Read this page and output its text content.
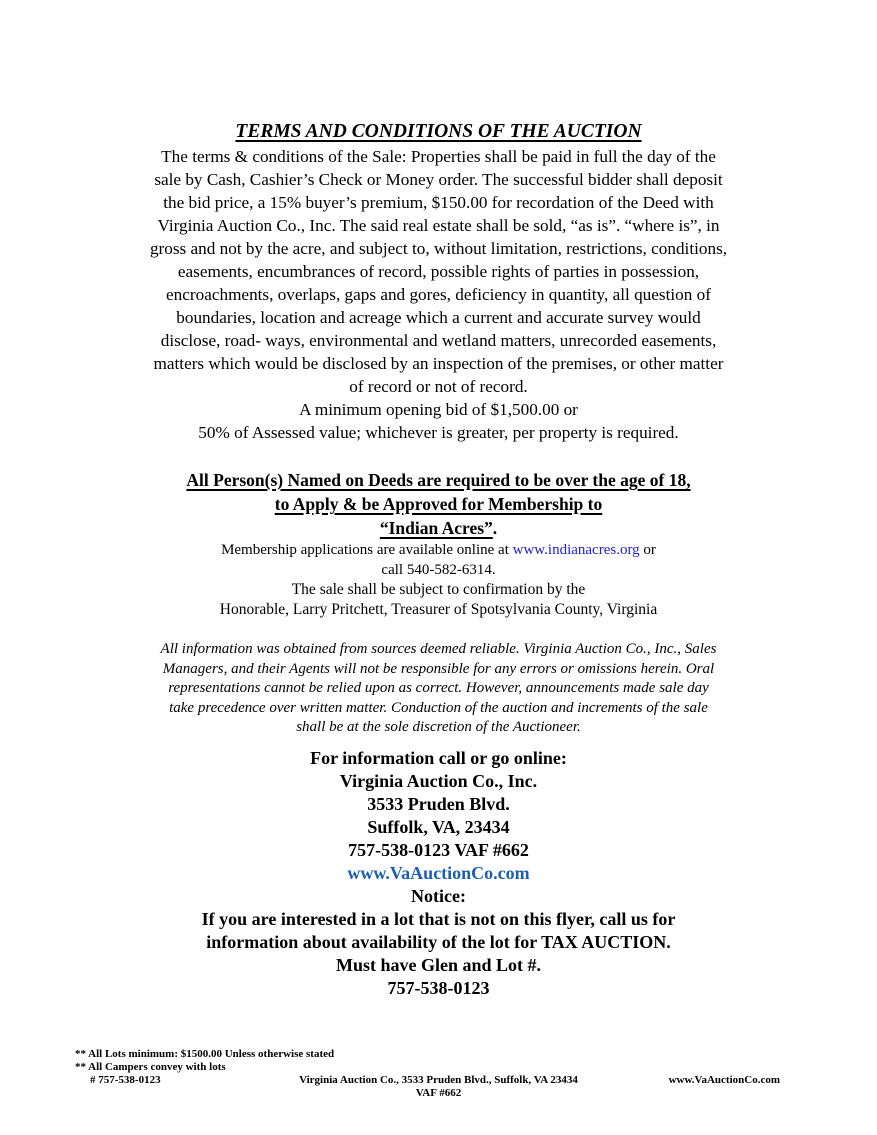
TERMS AND CONDITIONS OF THE AUCTION
The terms & conditions of the Sale: Properties shall be paid in full the day of the
sale by Cash, Cashier’s Check or Money order. The successful bidder shall deposit
the bid price, a 15% buyer’s premium, $150.00 for recordation of the Deed with
Virginia Auction Co., Inc. The said real estate shall be sold, “as is”. “where is”, in
gross and not by the acre, and subject to, without limitation, restrictions, conditions,
easements, encumbrances of record, possible rights of parties in possession,
encroachments, overlaps, gaps and gores, deficiency in quantity, all question of
boundaries, location and acreage which a current and accurate survey would
disclose, road- ways, environmental and wetland matters, unrecorded easements,
matters which would be disclosed by an inspection of the premises, or other matter
of record or not of record.
A minimum opening bid of $1,500.00 or
50% of Assessed value; whichever is greater, per property is required.
All Person(s) Named on Deeds are required to be over the age of 18,
to Apply & be Approved for Membership to
“Indian Acres”.
Membership applications are available online at www.indianacres.org or
call 540-582-6314.
The sale shall be subject to confirmation by the
Honorable, Larry Pritchett, Treasurer of Spotsylvania County, Virginia
All information was obtained from sources deemed reliable. Virginia Auction Co., Inc., Sales
Managers, and their Agents will not be responsible for any errors or omissions herein. Oral
representations cannot be relied upon as correct. However, announcements made sale day
take precedence over written matter. Conduction of the auction and increments of the sale
shall be at the sole discretion of the Auctioneer.
For information call or go online:
Virginia Auction Co., Inc.
3533 Pruden Blvd.
Suffolk, VA, 23434
757-538-0123 VAF #662
www.VaAuctionCo.com
Notice:
If you are interested in a lot that is not on this flyer, call us for
information about availability of the lot for TAX AUCTION.
Must have Glen and Lot #.
757-538-0123
** All Lots minimum: $1500.00 Unless otherwise stated
** All Campers convey with lots
# 757-538-0123	Virginia Auction Co., 3533 Pruden Blvd., Suffolk, VA 23434	www.VaAuctionCo.com
VAF #662
